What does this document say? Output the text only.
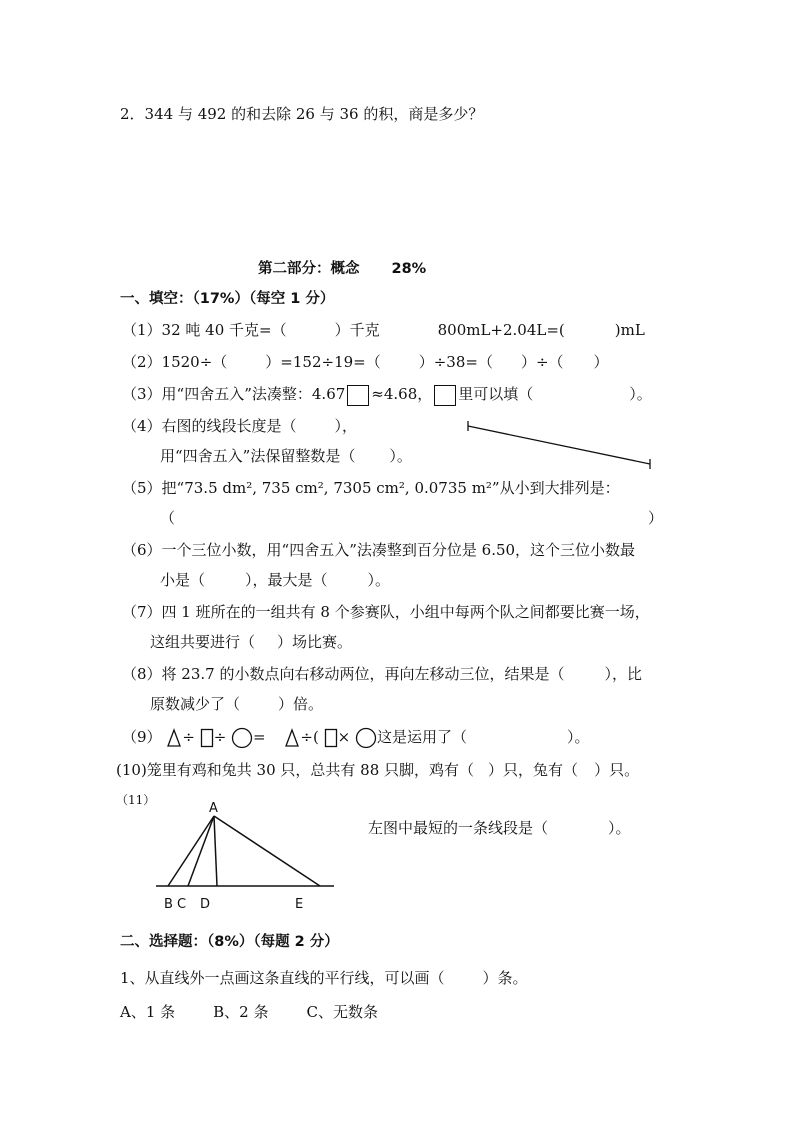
2．344 与 492 的和去除 26 与 36 的积，商是多少？
第二部分：概念 28%
一、填空：（17%）（每空 1 分）
（1）32 吨 40 千克=（	）千克	800mL+2.04L=(	)mL
（2）1520÷（	）=152÷19=（	）÷38=（ ）÷（ ）
（3）用“四舍五入”法凑整：4.67 ≈4.68， 里可以填（	）。
（4）右图的线段长度是（	），
用“四舍五入”法保留整数是（ ）。
（5）把“73.5 dm², 735 cm², 7305 cm², 0.0735 m²”从小到大排列是：
（	）
（6）一个三位小数，用“四舍五入”法凑整到百分位是 6.50，这个三位小数最
小是（	），最大是（	）。
（7）四 1 班所在的一组共有 8 个参赛队，小组中每两个队之间都要比赛一场，
这组共要进行（ ）场比赛。
（8）将 23.7 的小数点向右移动两位，再向左移动三位，结果是（	），比
原数减少了（	）倍。
（9） ÷ ÷ = ÷( × 这是运用了（	）。
(10)笼里有鸡和兔共 30 只，总共有 88 只脚，鸡有（ ）只，兔有（ ）只。
（11）
A
B C D	E
左图中最短的一条线段是（	）。
二、选择题：（8%）（每题 2 分）
1、从直线外一点画这条直线的平行线，可以画（	）条。
A、1 条	B、2 条	C、无数条
